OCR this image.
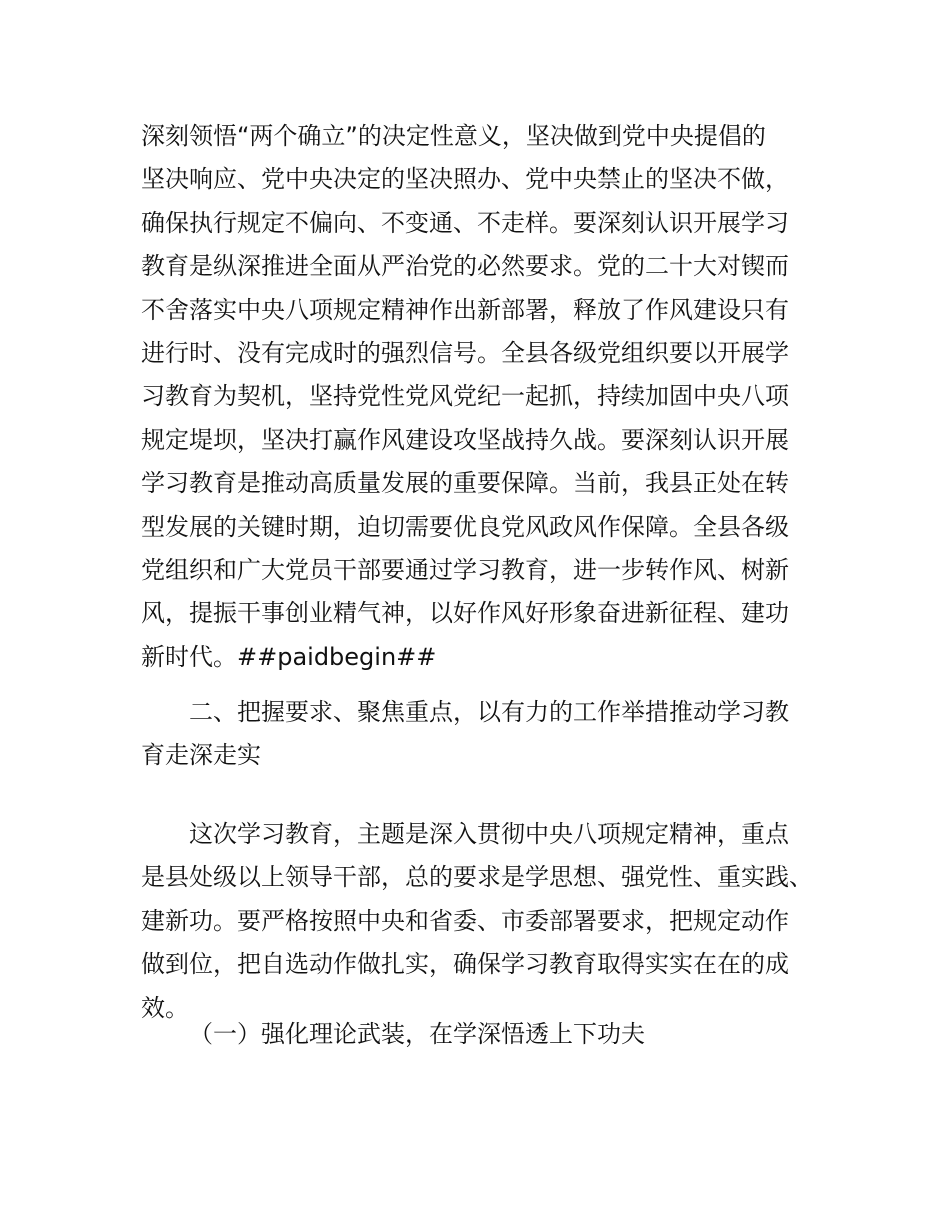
深刻领悟“两个确立”的决定性意义，坚决做到党中央提倡的
坚决响应、党中央决定的坚决照办、党中央禁止的坚决不做，
确保执行规定不偏向、不变通、不走样。要深刻认识开展学习
教育是纵深推进全面从严治党的必然要求。党的二十大对锲而
不舍落实中央八项规定精神作出新部署，释放了作风建设只有
进行时、没有完成时的强烈信号。全县各级党组织要以开展学
习教育为契机，坚持党性党风党纪一起抓，持续加固中央八项
规定堤坝，坚决打赢作风建设攻坚战持久战。要深刻认识开展
学习教育是推动高质量发展的重要保障。当前，我县正处在转
型发展的关键时期，迫切需要优良党风政风作保障。全县各级
党组织和广大党员干部要通过学习教育，进一步转作风、树新
风，提振干事创业精气神，以好作风好形象奋进新征程、建功
新时代。##paidbegin##
二、把握要求、聚焦重点，以有力的工作举措推动学习教
育走深走实
这次学习教育，主题是深入贯彻中央八项规定精神，重点
是县处级以上领导干部，总的要求是学思想、强党性、重实践、
建新功。要严格按照中央和省委、市委部署要求，把规定动作
做到位，把自选动作做扎实，确保学习教育取得实实在在的成
效。
（一）强化理论武装，在学深悟透上下功夫
